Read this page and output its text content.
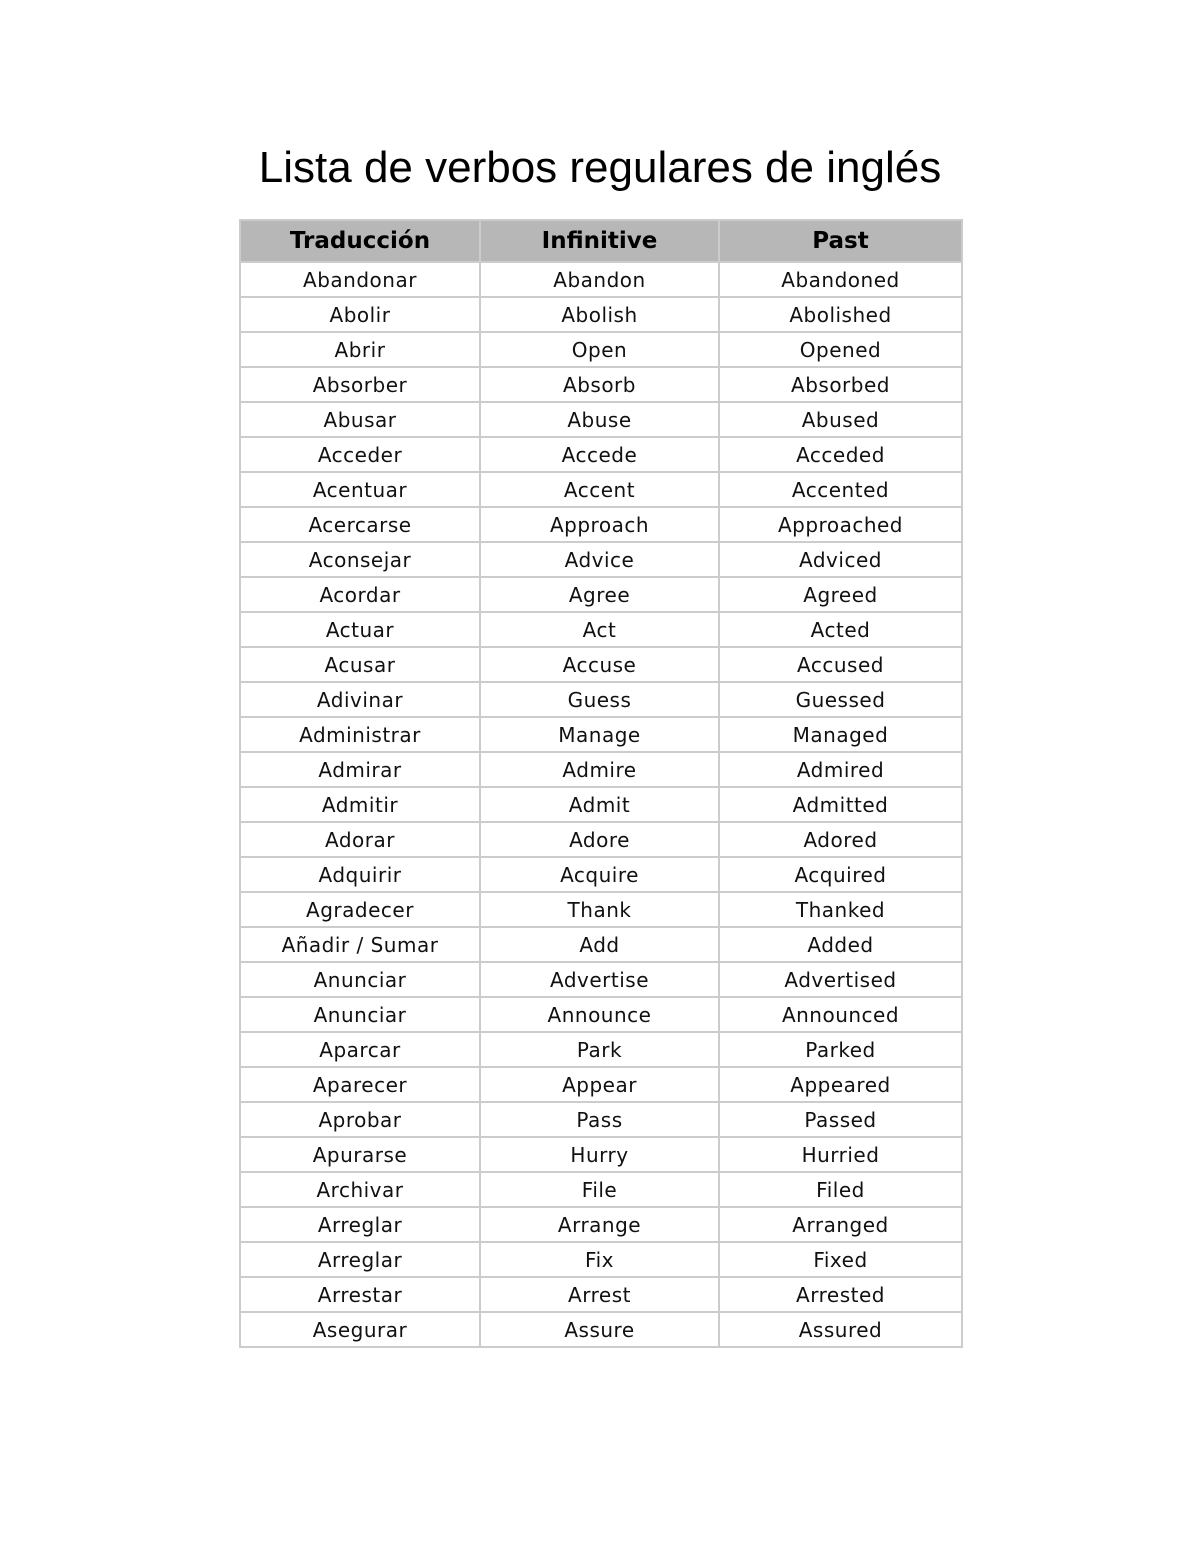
Lista de verbos regulares de inglés
Traducción	Infinitive	Past
Abandonar	Abandon	Abandoned
Abolir	Abolish	Abolished
Abrir	Open	Opened
Absorber	Absorb	Absorbed
Abusar	Abuse	Abused
Acceder	Accede	Acceded
Acentuar	Accent	Accented
Acercarse	Approach	Approached
Aconsejar	Advice	Adviced
Acordar	Agree	Agreed
Actuar	Act	Acted
Acusar	Accuse	Accused
Adivinar	Guess	Guessed
Administrar	Manage	Managed
Admirar	Admire	Admired
Admitir	Admit	Admitted
Adorar	Adore	Adored
Adquirir	Acquire	Acquired
Agradecer	Thank	Thanked
Añadir / Sumar	Add	Added
Anunciar	Advertise	Advertised
Anunciar	Announce	Announced
Aparcar	Park	Parked
Aparecer	Appear	Appeared
Aprobar	Pass	Passed
Apurarse	Hurry	Hurried
Archivar	File	Filed
Arreglar	Arrange	Arranged
Arreglar	Fix	Fixed
Arrestar	Arrest	Arrested
Asegurar	Assure	Assured
